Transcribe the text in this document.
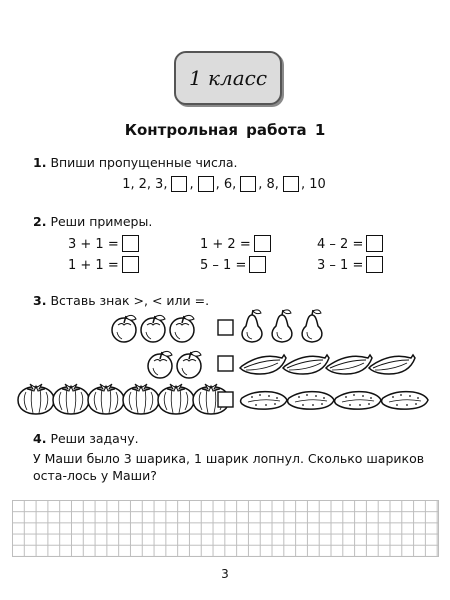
1 класс
Контрольная работа 1
1. Впиши пропущенные числа.
1, 2, 3, , , 6, , 8, , 10
2. Реши примеры.
3 + 1 =	1 + 2 =	4 – 2 =
1 + 1 =	5 – 1 =	3 – 1 =
3. Вставь знак >, < или =.
4. Реши задачу.
У Маши было 3 шарика, 1 шарик лопнул. Сколько шариков оста-лось у Маши?
3
